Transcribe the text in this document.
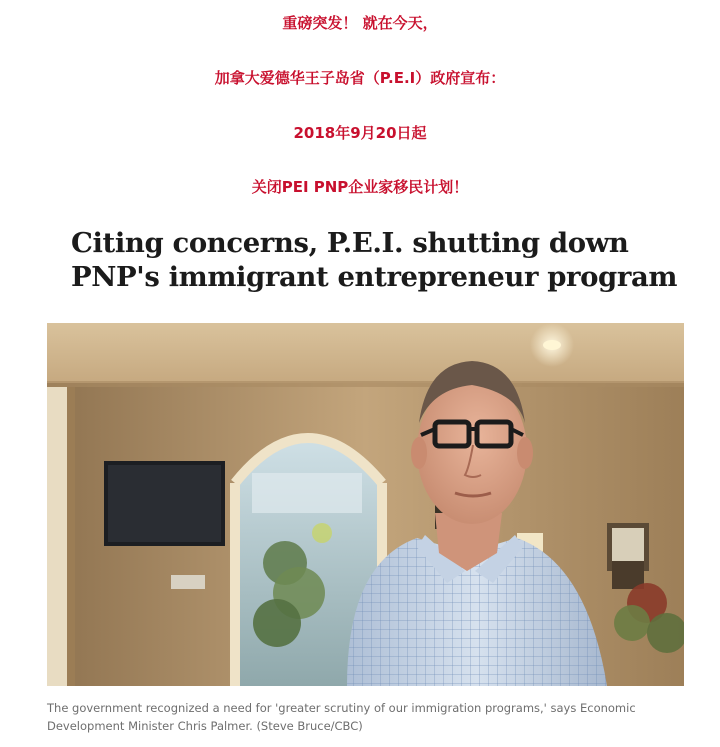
重磅突发！ 就在今天，
加拿大爱德华王子岛省（P.E.I）政府宣布：
2018年9月20日起
关闭PEI PNP企业家移民计划！
Citing concerns, P.E.I. shutting down PNP's immigrant entrepreneur program
The government recognized a need for 'greater scrutiny of our immigration programs,' says Economic Development Minister Chris Palmer. (Steve Bruce/CBC)
